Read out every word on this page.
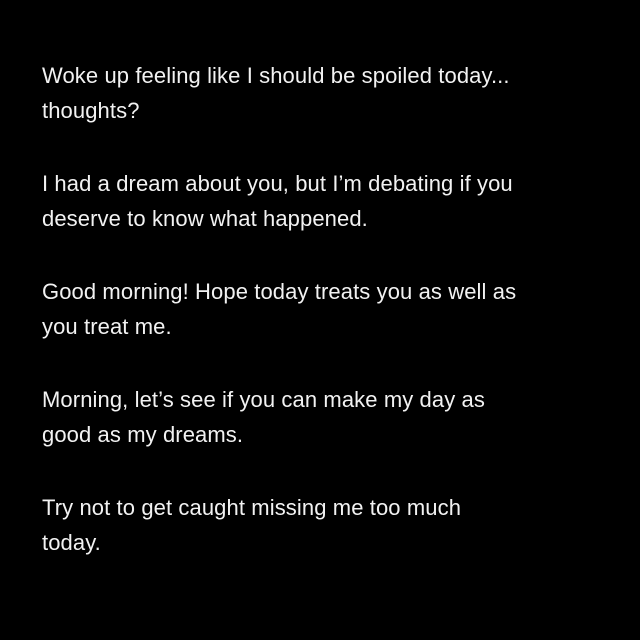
Woke up feeling like I should be spoiled today...
thoughts?
I had a dream about you, but I’m debating if you
deserve to know what happened.
Good morning! Hope today treats you as well as
you treat me.
Morning, let’s see if you can make my day as
good as my dreams.
Try not to get caught missing me too much
today.
